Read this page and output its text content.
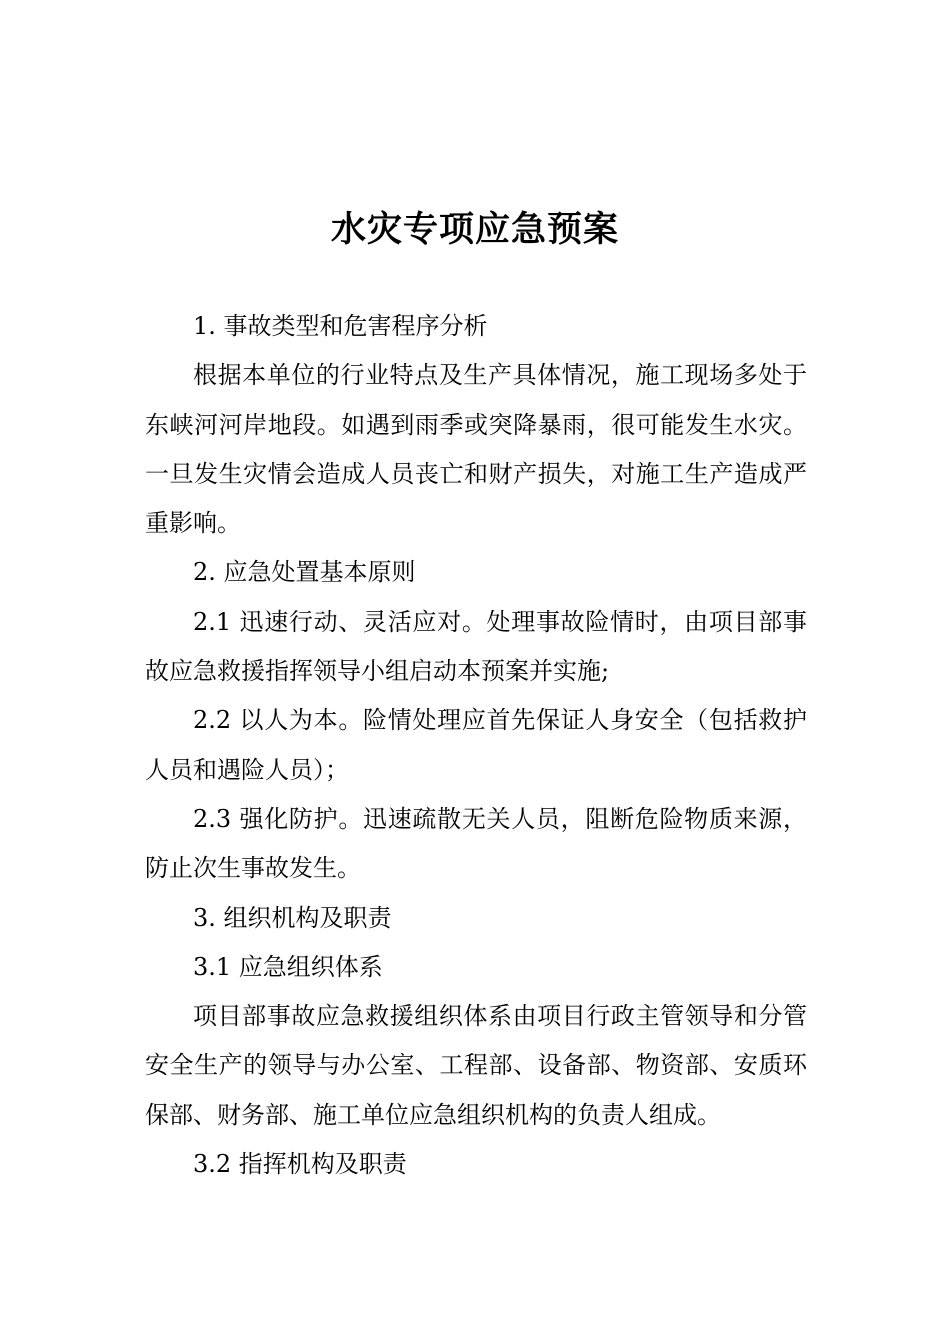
水灾专项应急预案

1. 事故类型和危害程序分析

根据本单位的行业特点及生产具体情况，施工现场多处于东峡河河岸地段。如遇到雨季或突降暴雨，很可能发生水灾。一旦发生灾情会造成人员丧亡和财产损失，对施工生产造成严重影响。

2. 应急处置基本原则

2.1 迅速行动、灵活应对。处理事故险情时，由项目部事故应急救援指挥领导小组启动本预案并实施;

2.2 以人为本。险情处理应首先保证人身安全（包括救护人员和遇险人员）；

2.3 强化防护。迅速疏散无关人员，阻断危险物质来源，防止次生事故发生。

3. 组织机构及职责

3.1 应急组织体系

项目部事故应急救援组织体系由项目行政主管领导和分管安全生产的领导与办公室、工程部、设备部、物资部、安质环保部、财务部、施工单位应急组织机构的负责人组成。

3.2 指挥机构及职责
